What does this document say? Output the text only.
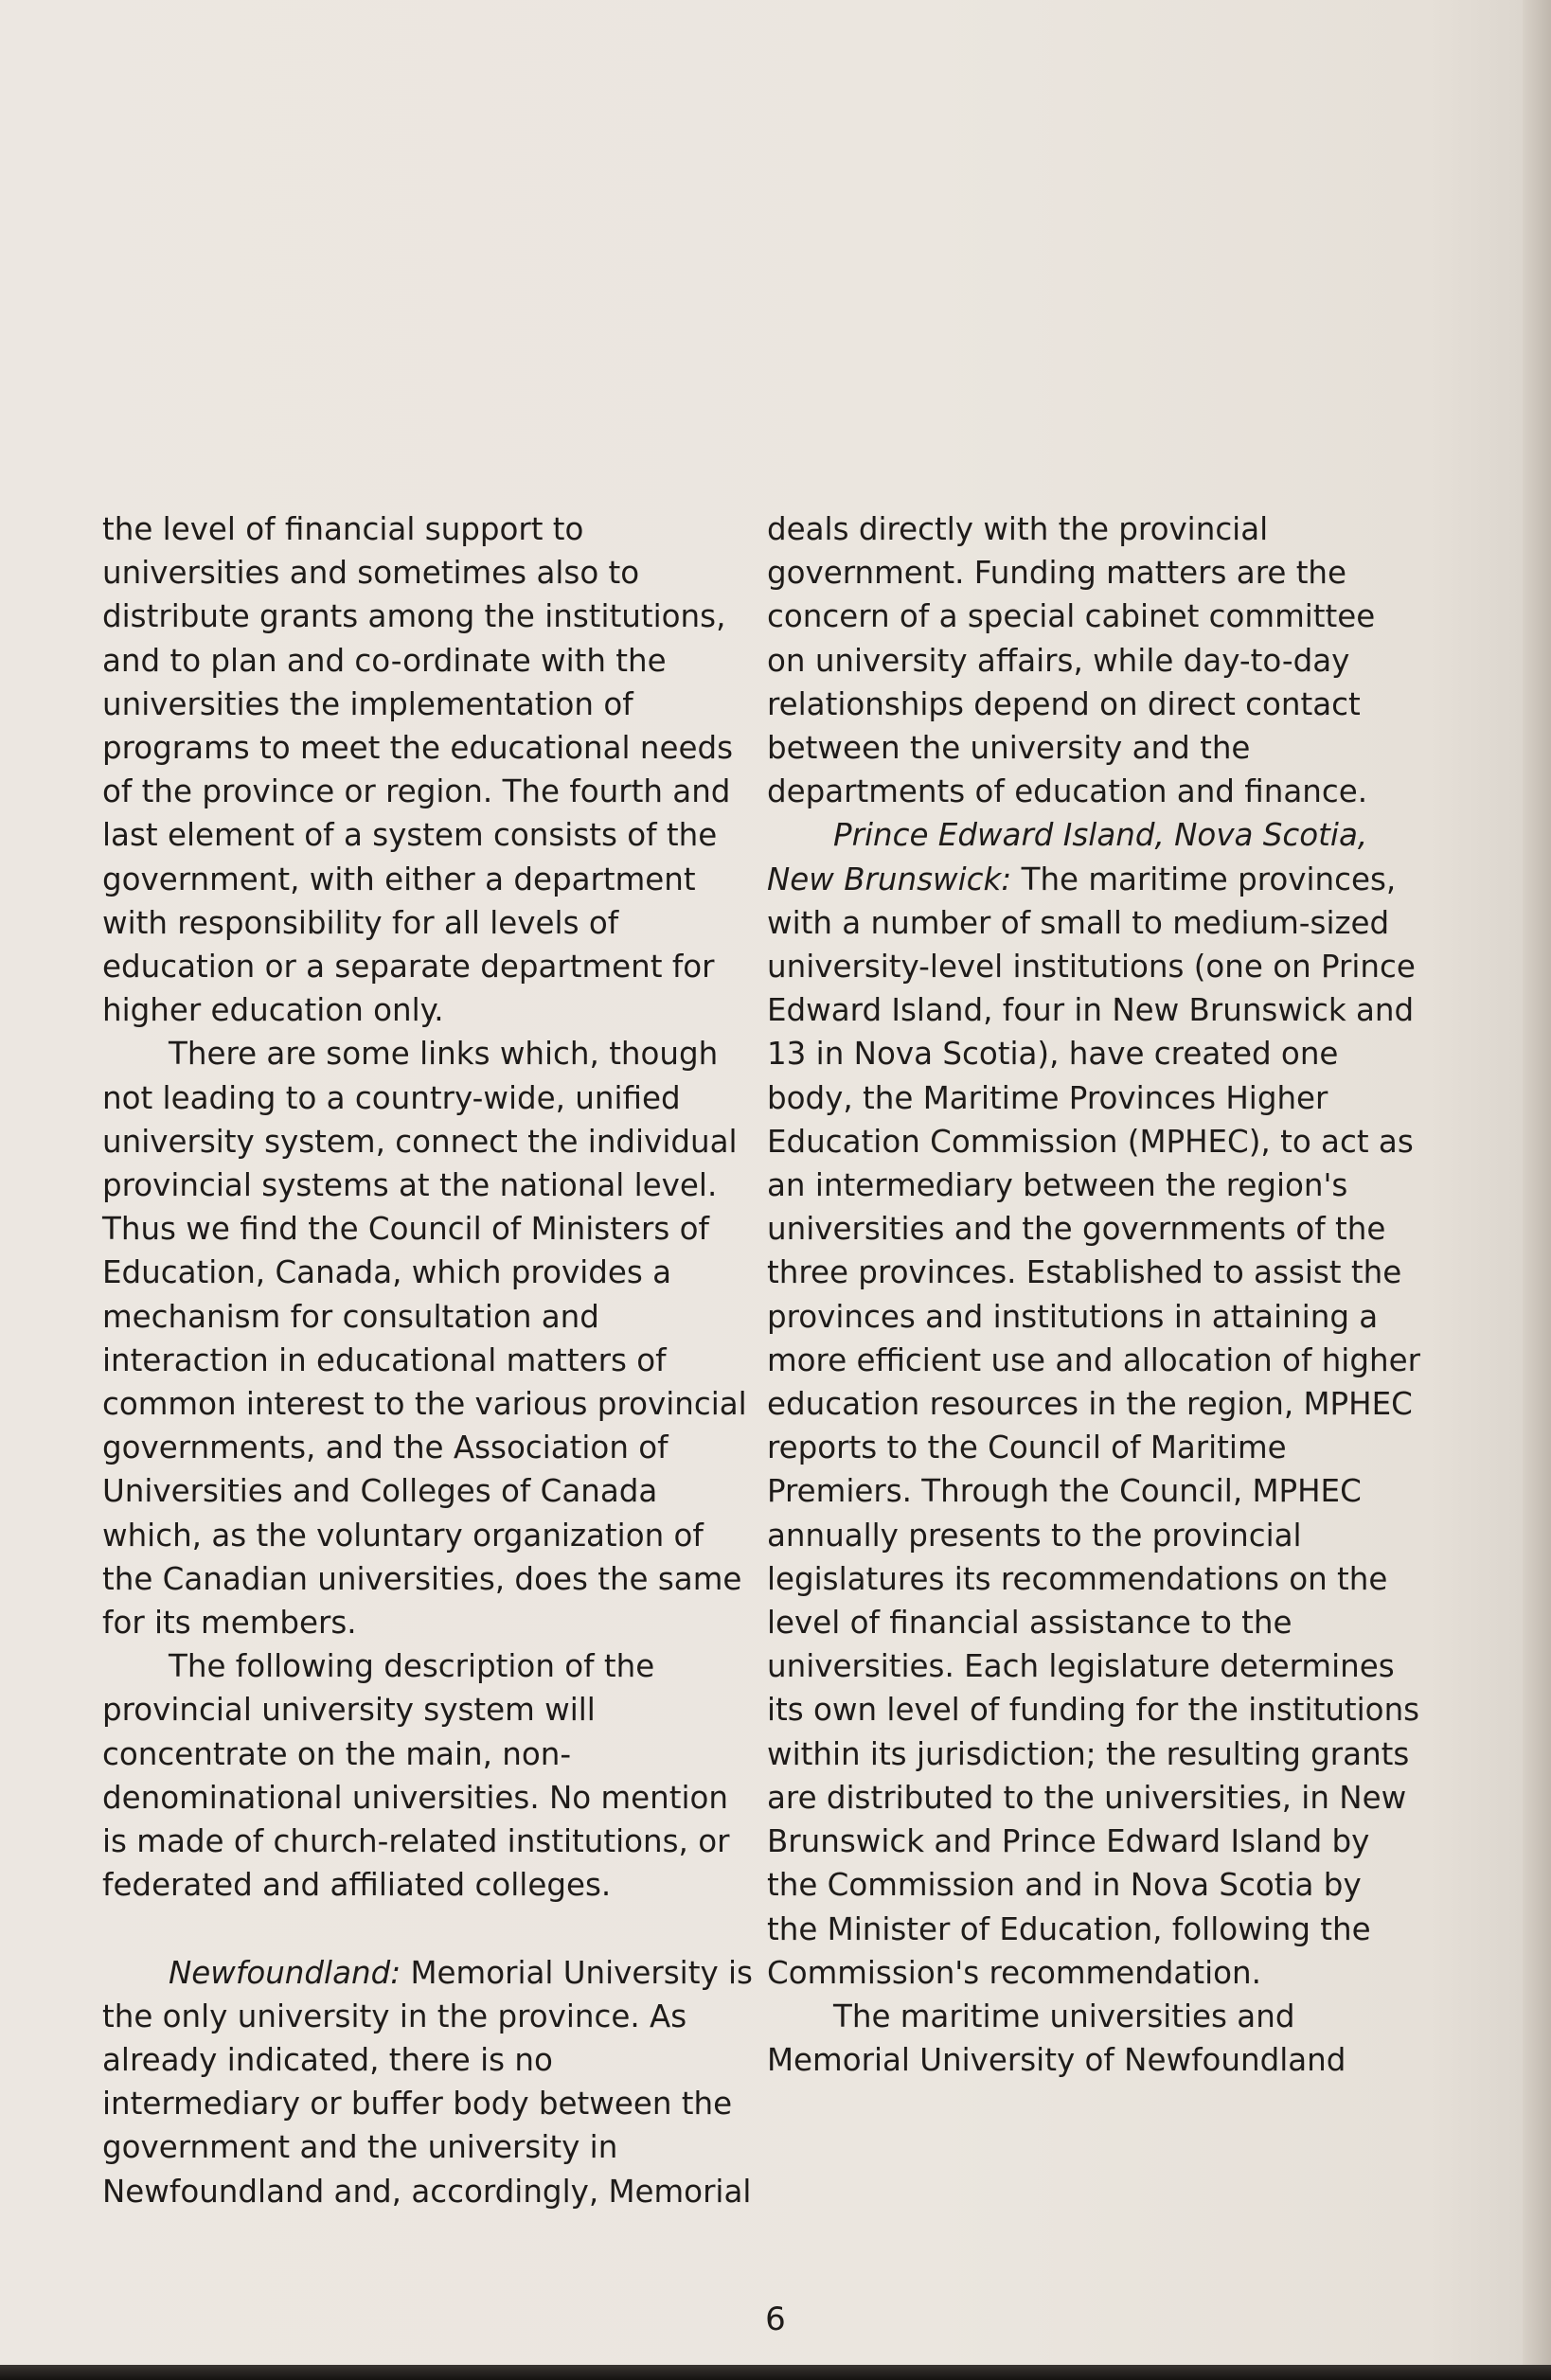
the level of financial support to universities and sometimes also to distribute grants among the institutions, and to plan and co-ordinate with the universities the implementation of programs to meet the educational needs of the province or region. The fourth and last element of a system consists of the government, with either a department with responsibility for all levels of education or a separate department for higher education only.

There are some links which, though not leading to a country-wide, unified university system, connect the individual provincial systems at the national level. Thus we find the Council of Ministers of Education, Canada, which provides a mechanism for consultation and interaction in educational matters of common interest to the various provincial governments, and the Association of Universities and Colleges of Canada which, as the voluntary organization of the Canadian universities, does the same for its members.

The following description of the provincial university system will concentrate on the main, non-denominational universities. No mention is made of church-related institutions, or federated and affiliated colleges.

Newfoundland: Memorial University is the only university in the province. As already indicated, there is no intermediary or buffer body between the government and the university in Newfoundland and, accordingly, Memorial

deals directly with the provincial government. Funding matters are the concern of a special cabinet committee on university affairs, while day-to-day relationships depend on direct contact between the university and the departments of education and finance.

Prince Edward Island, Nova Scotia, New Brunswick: The maritime provinces, with a number of small to medium-sized university-level institutions (one on Prince Edward Island, four in New Brunswick and 13 in Nova Scotia), have created one body, the Maritime Provinces Higher Education Commission (MPHEC), to act as an intermediary between the region's universities and the governments of the three provinces. Established to assist the provinces and institutions in attaining a more efficient use and allocation of higher education resources in the region, MPHEC reports to the Council of Maritime Premiers. Through the Council, MPHEC annually presents to the provincial legislatures its recommendations on the level of financial assistance to the universities. Each legislature determines its own level of funding for the institutions within its jurisdiction; the resulting grants are distributed to the universities, in New Brunswick and Prince Edward Island by the Commission and in Nova Scotia by the Minister of Education, following the Commission's recommendation.

The maritime universities and Memorial University of Newfoundland

6
